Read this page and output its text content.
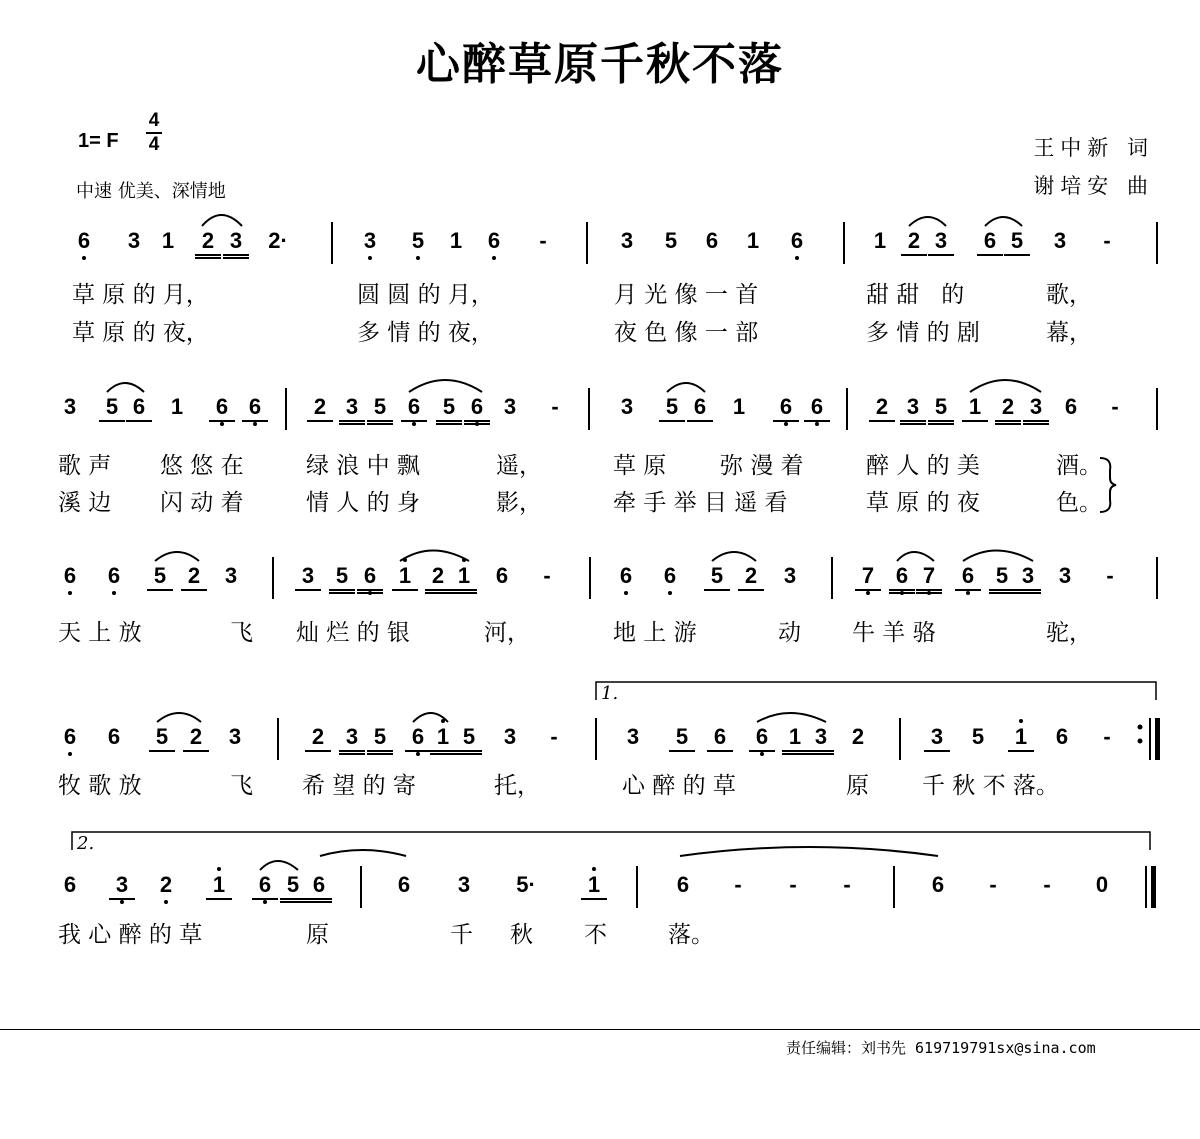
心醉草原千秋不落
1= F
4
4
中速 优美、深情地
王中新 词
谢培安 曲
6	3 1	2 3	2·	3	5	1	6	-	3	5	6	1	6	1 2 3	6 5	3	-
草 原 的 月，	圆 圆 的 月，	月 光 像 一 首	甜 甜   的	歌，
草 原 的 夜，	多 情 的 夜，	夜 色 像 一 部	多 情 的 剧	幕，
3	5 6	1	6 6	2 3 5 6	5 6 3	-	3	5 6	1	6 6	2 3 5 1 2 3	6	-
歌 声 悠 悠 在	绿 浪 中 飘	遥，	草 原 弥 漫 着	醉 人 的 美	酒。
溪 边 闪 动 着	情 人 的 身	影，	牵 手 举 目 遥 看	草 原 的 夜	色。
6	6	5 2	3	3 5 6	1 2 1	6	-	6	6	5 2	3	7 6 7	6 5 3	3	-
天 上 放	飞 灿 烂 的 银	河，	地 上 游	动 牛 羊 骆	驼，
6	6	5 2	3	2 3 5	6 1 5	3	-	3	5	6	6 1 3	2	3	5	1	6	-
牧 歌 放	飞 希 望 的 寄	托，	心 醉 的 草	原 千 秋 不 落。
6	3	2	1	6 5 6	6	3	5·	1	6	- - -	6	- -	0
我 心 醉 的 草	原	千 秋 不	落。
1.
2.
责任编辑：刘书先 619719791sx@sina.com
